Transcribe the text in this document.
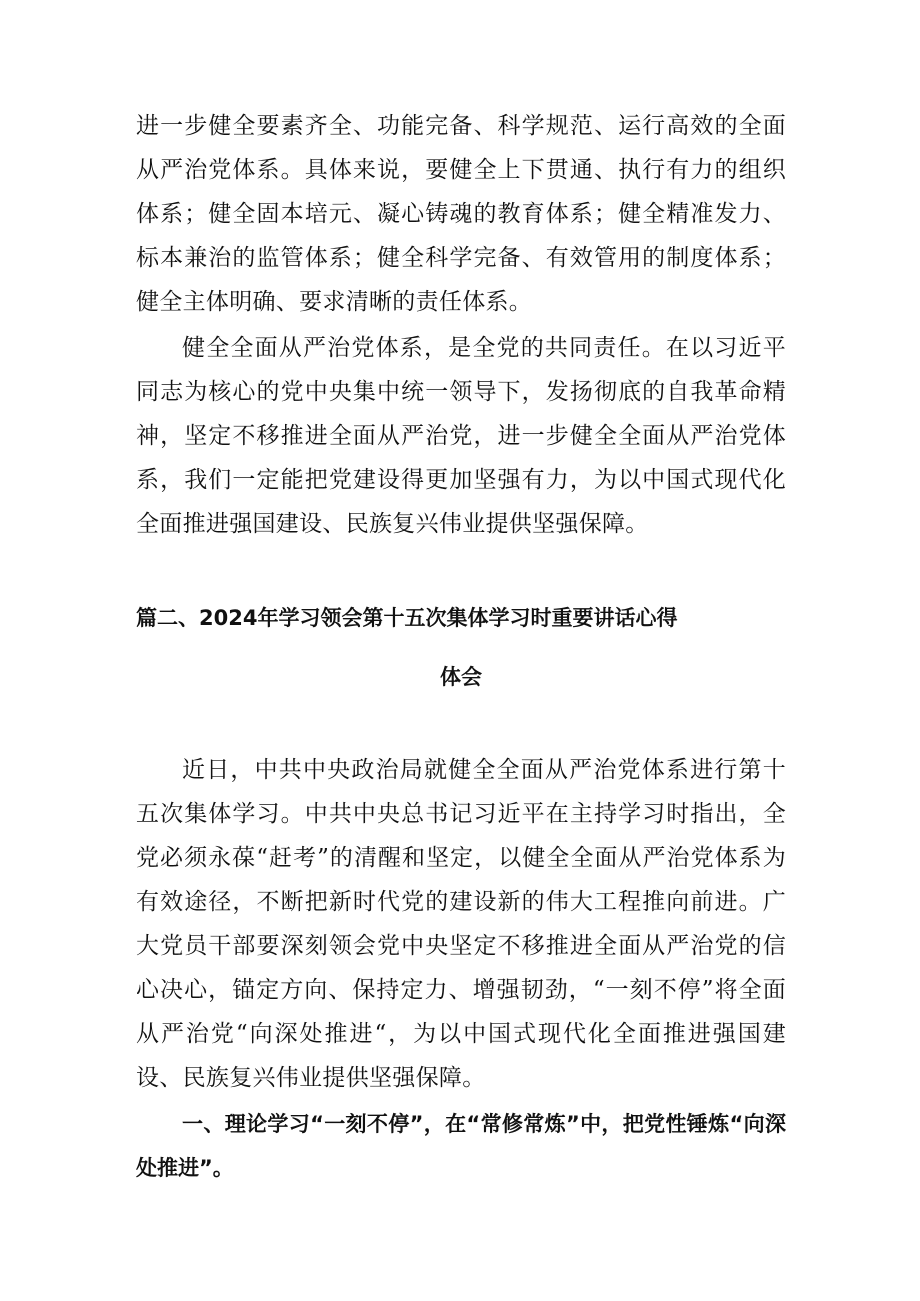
进一步健全要素齐全、功能完备、科学规范、运行高效的全面从严治党体系。具体来说，要健全上下贯通、执行有力的组织体系；健全固本培元、凝心铸魂的教育体系；健全精准发力、标本兼治的监管体系；健全科学完备、有效管用的制度体系；健全主体明确、要求清晰的责任体系。

健全全面从严治党体系，是全党的共同责任。在以习近平同志为核心的党中央集中统一领导下，发扬彻底的自我革命精神，坚定不移推进全面从严治党，进一步健全全面从严治党体系，我们一定能把党建设得更加坚强有力，为以中国式现代化全面推进强国建设、民族复兴伟业提供坚强保障。

篇二、2024年学习领会第十五次集体学习时重要讲话心得
体会

近日，中共中央政治局就健全全面从严治党体系进行第十五次集体学习。中共中央总书记习近平在主持学习时指出，全党必须永葆“赶考”的清醒和坚定，以健全全面从严治党体系为有效途径，不断把新时代党的建设新的伟大工程推向前进。广大党员干部要深刻领会党中央坚定不移推进全面从严治党的信心决心，锚定方向、保持定力、增强韧劲，“一刻不停”将全面从严治党“向深处推进“，为以中国式现代化全面推进强国建设、民族复兴伟业提供坚强保障。

一、理论学习“一刻不停”，在“常修常炼”中，把党性锤炼“向深处推进”。
